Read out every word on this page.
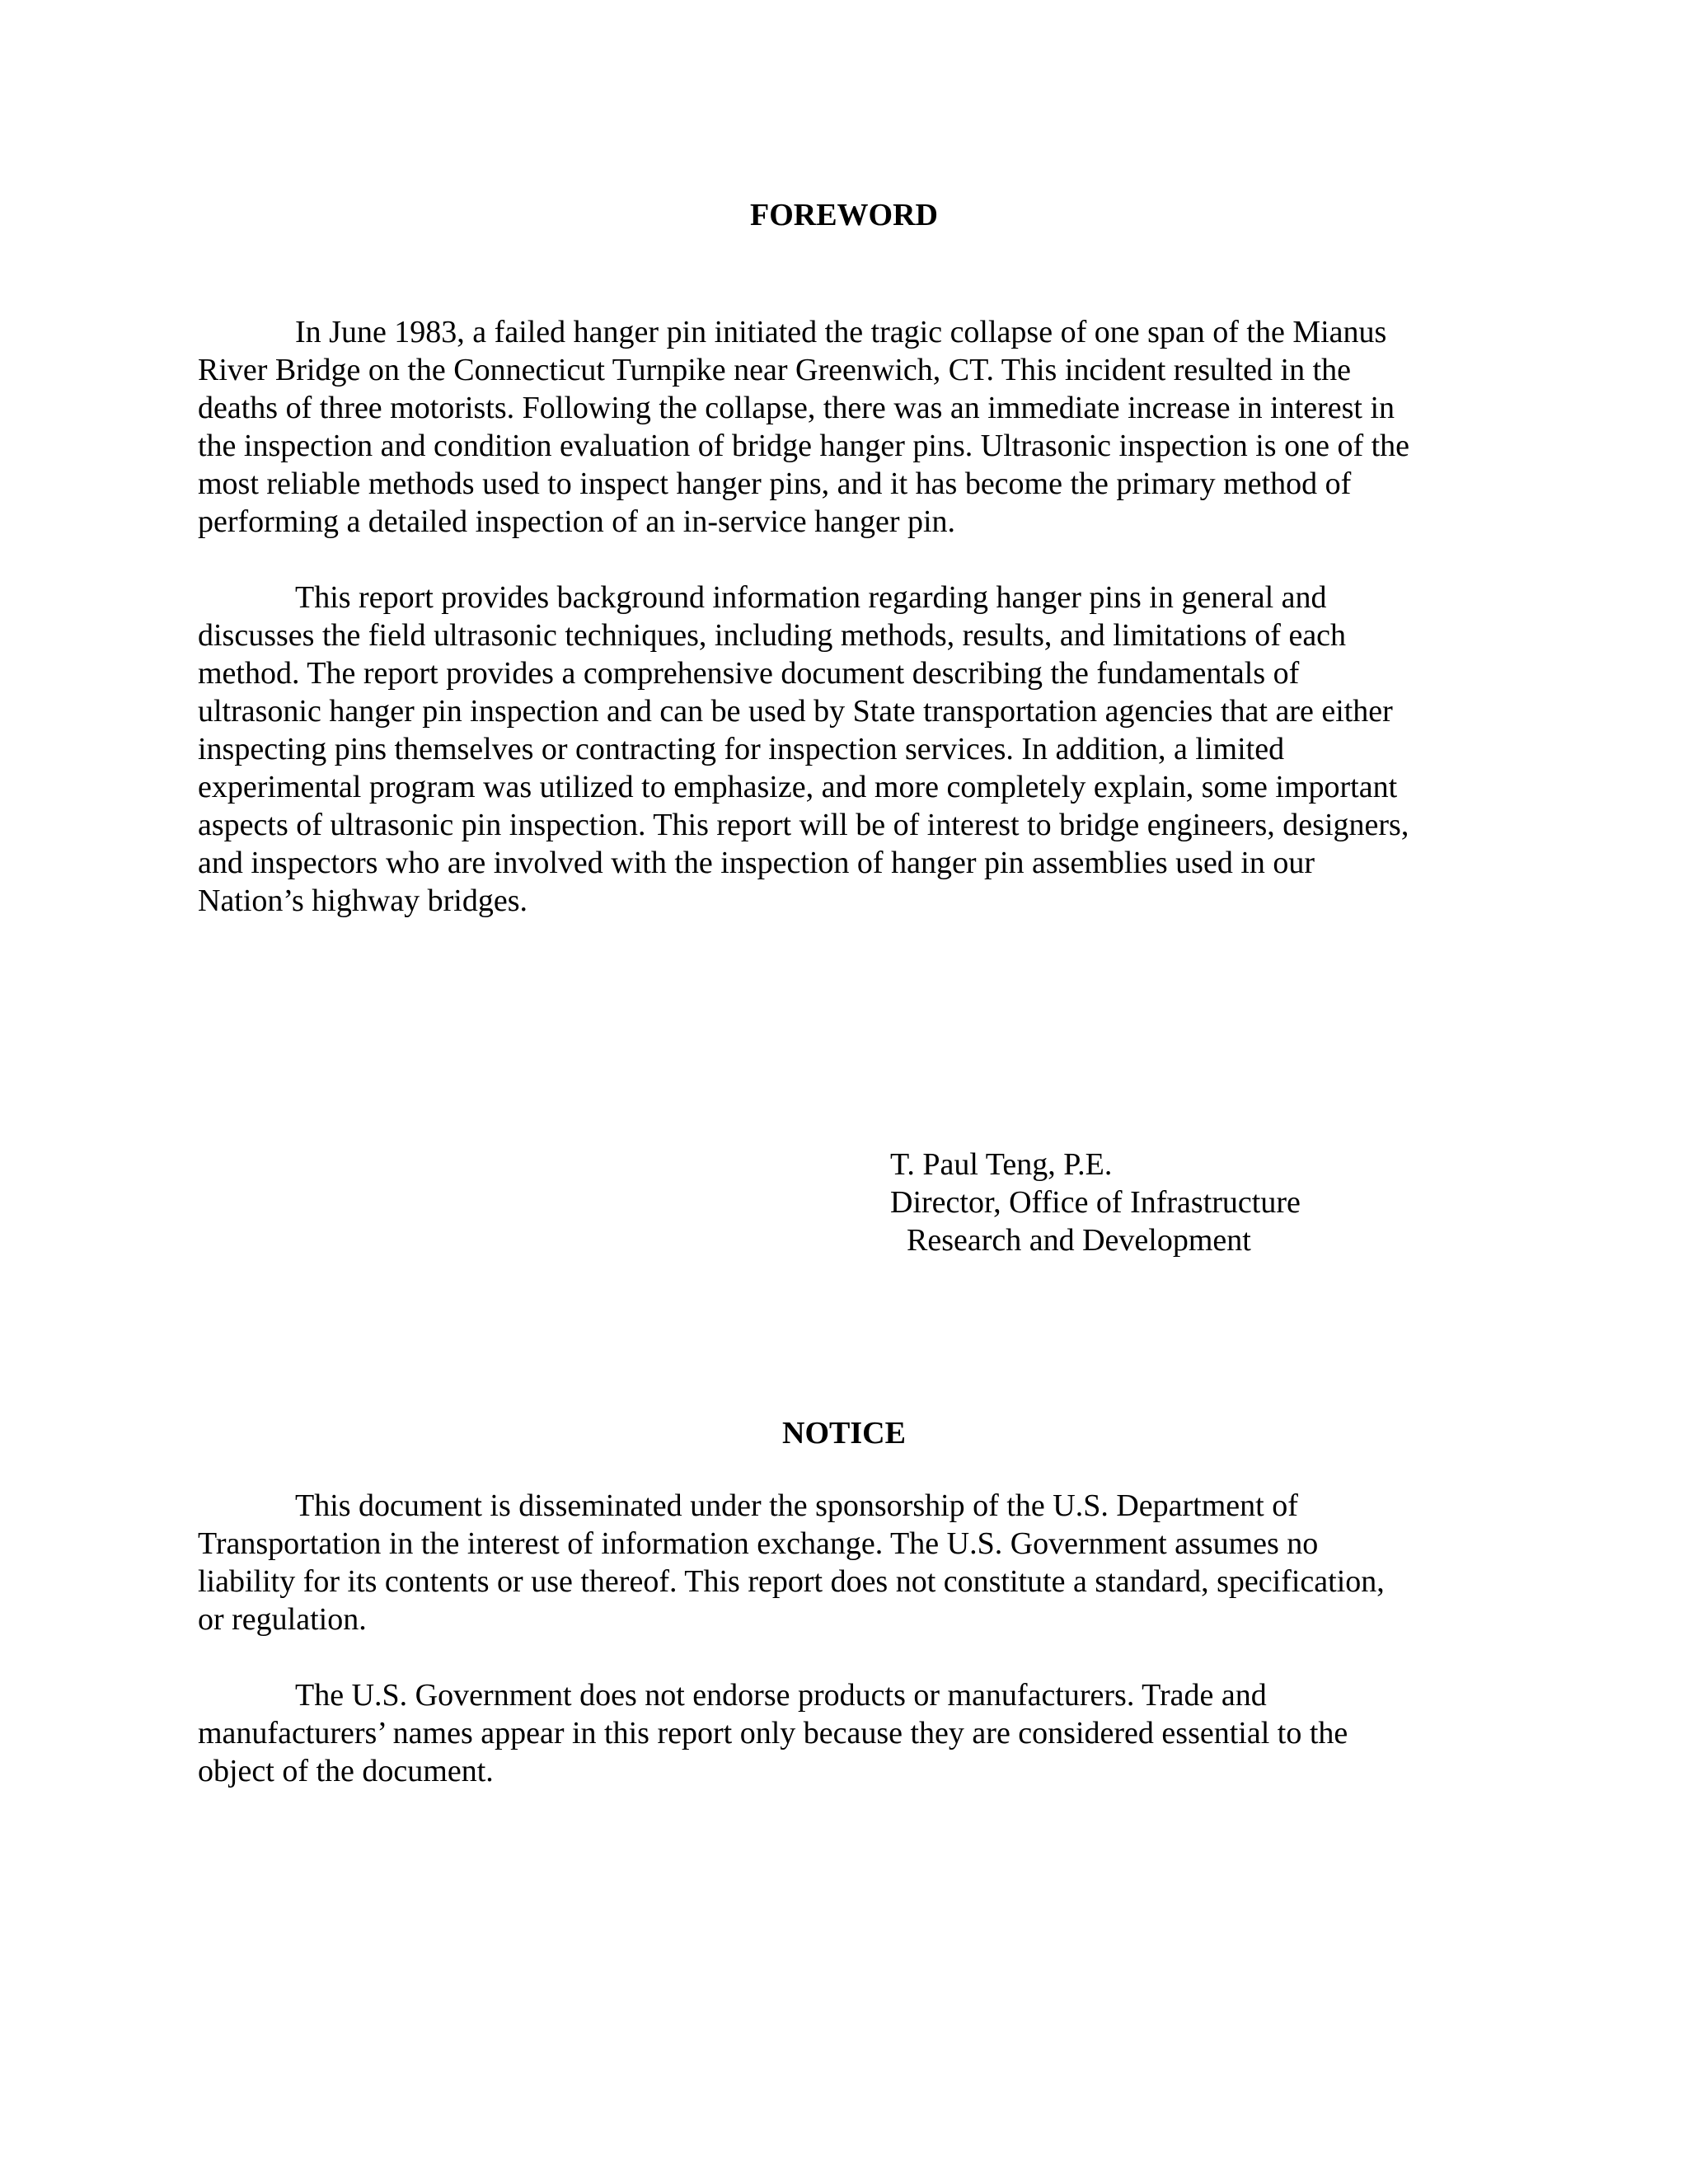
FOREWORD

In June 1983, a failed hanger pin initiated the tragic collapse of one span of the Mianus
River Bridge on the Connecticut Turnpike near Greenwich, CT. This incident resulted in the
deaths of three motorists. Following the collapse, there was an immediate increase in interest in
the inspection and condition evaluation of bridge hanger pins. Ultrasonic inspection is one of the
most reliable methods used to inspect hanger pins, and it has become the primary method of
performing a detailed inspection of an in-service hanger pin.

This report provides background information regarding hanger pins in general and
discusses the field ultrasonic techniques, including methods, results, and limitations of each
method. The report provides a comprehensive document describing the fundamentals of
ultrasonic hanger pin inspection and can be used by State transportation agencies that are either
inspecting pins themselves or contracting for inspection services. In addition, a limited
experimental program was utilized to emphasize, and more completely explain, some important
aspects of ultrasonic pin inspection. This report will be of interest to bridge engineers, designers,
and inspectors who are involved with the inspection of hanger pin assemblies used in our
Nation’s highway bridges.

T. Paul Teng, P.E.
Director, Office of Infrastructure
Research and Development
NOTICE

This document is disseminated under the sponsorship of the U.S. Department of
Transportation in the interest of information exchange. The U.S. Government assumes no
liability for its contents or use thereof. This report does not constitute a standard, specification,
or regulation.

The U.S. Government does not endorse products or manufacturers. Trade and
manufacturers’ names appear in this report only because they are considered essential to the
object of the document.
